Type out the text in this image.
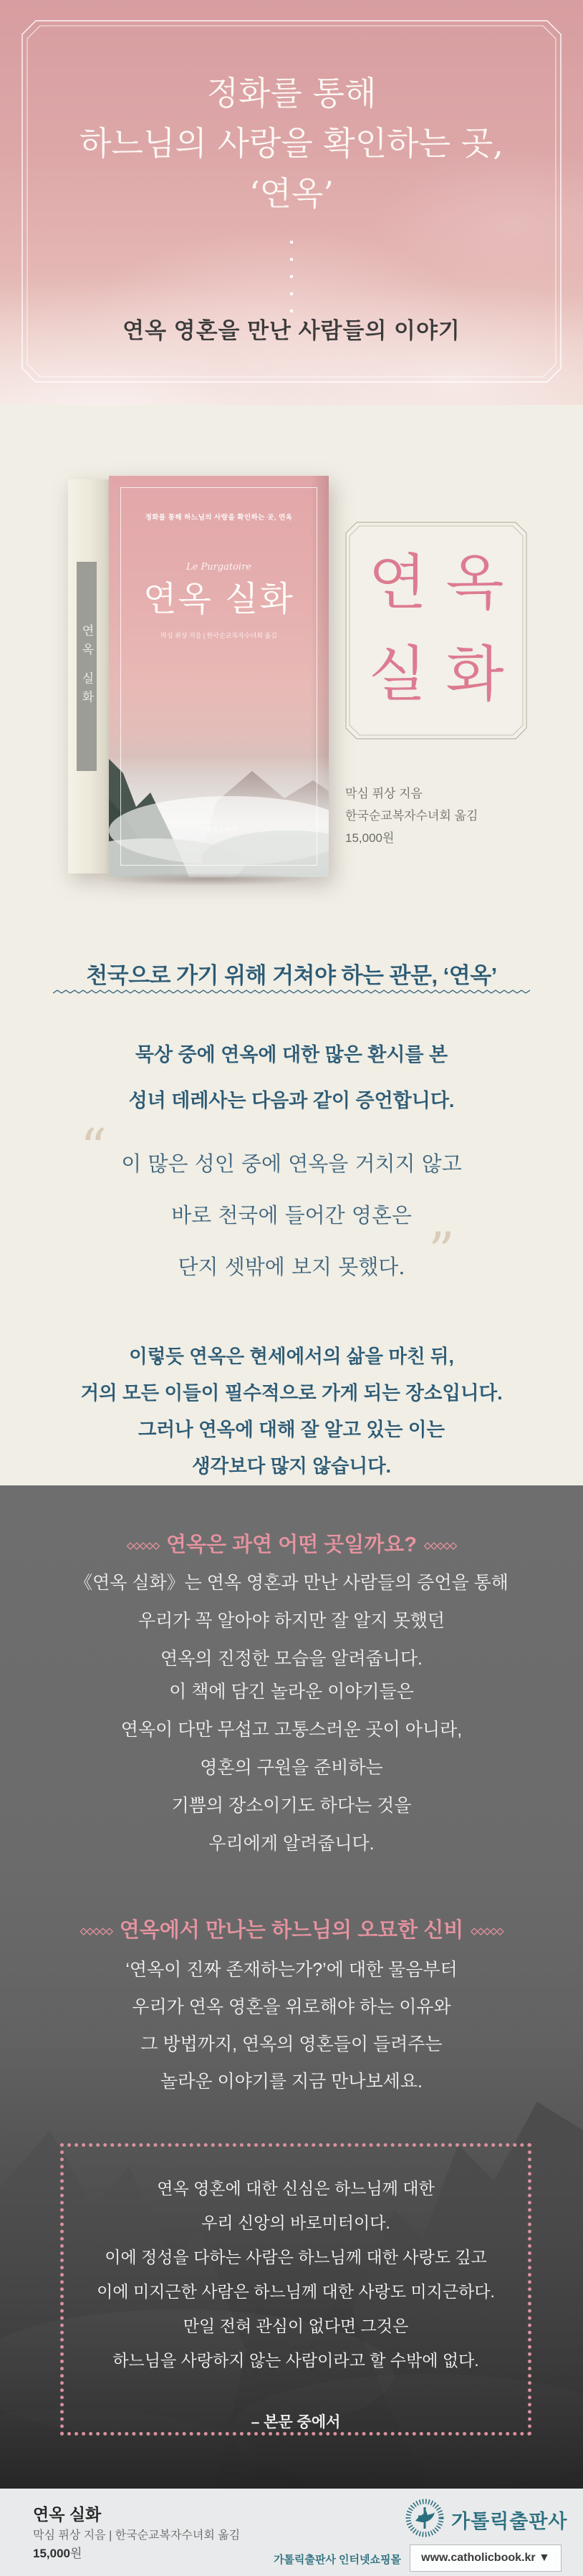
정화를 통해
하느님의 사랑을 확인하는 곳,
‘연옥’
연옥 영혼을 만난 사람들의 이야기
연옥 실화
정화를 통해 하느님의 사랑을 확인하는 곳, 연옥
Le Purgatoire
연옥 실화
막심 퓌상 지음 | 한국순교복자수녀회 옮김
가톨릭출판사
연 옥
실 화
막심 퓌상 지음
한국순교복자수녀회 옮김
15,000원
천국으로 가기 위해 거쳐야 하는 관문, ‘연옥’
묵상 중에 연옥에 대한 많은 환시를 본
성녀 데레사는 다음과 같이 증언합니다.
“ 이 많은 성인 중에 연옥을 거치지 않고
바로 천국에 들어간 영혼은
단지 셋밖에 보지 못했다. ”
이렇듯 연옥은 현세에서의 삶을 마친 뒤,
거의 모든 이들이 필수적으로 가게 되는 장소입니다.
그러나 연옥에 대해 잘 알고 있는 이는
생각보다 많지 않습니다.
◇◇◇◇◇ 연옥은 과연 어떤 곳일까요? ◇◇◇◇◇
《연옥 실화》는 연옥 영혼과 만난 사람들의 증언을 통해
우리가 꼭 알아야 하지만 잘 알지 못했던
연옥의 진정한 모습을 알려줍니다.
이 책에 담긴 놀라운 이야기들은
연옥이 다만 무섭고 고통스러운 곳이 아니라,
영혼의 구원을 준비하는
기쁨의 장소이기도 하다는 것을
우리에게 알려줍니다.
◇◇◇◇◇ 연옥에서 만나는 하느님의 오묘한 신비 ◇◇◇◇◇
‘연옥이 진짜 존재하는가?’에 대한 물음부터
우리가 연옥 영혼을 위로해야 하는 이유와
그 방법까지, 연옥의 영혼들이 들려주는
놀라운 이야기를 지금 만나보세요.
연옥 영혼에 대한 신심은 하느님께 대한
우리 신앙의 바로미터이다.
이에 정성을 다하는 사람은 하느님께 대한 사랑도 깊고
이에 미지근한 사람은 하느님께 대한 사랑도 미지근하다.
만일 전혀 관심이 없다면 그것은
하느님을 사랑하지 않는 사람이라고 할 수밖에 없다.
– 본문 중에서
연옥 실화
막심 퓌상 지음 | 한국순교복자수녀회 옮김
15,000원
가톨릭출판사
가톨릭출판사 인터넷쇼핑몰	www.catholicbook.kr ▼
